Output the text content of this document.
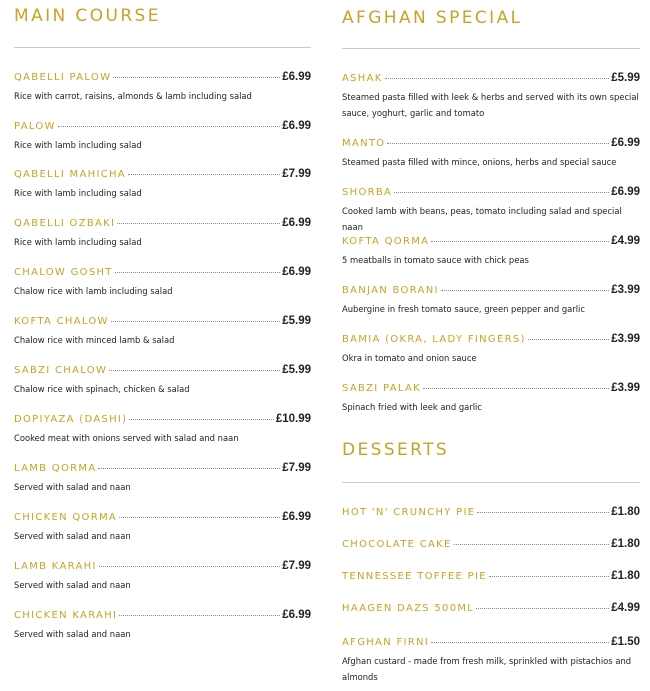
MAIN COURSE
QABELLI PALOW	£6.99
Rice with carrot, raisins, almonds & lamb including salad
PALOW	£6.99
Rice with lamb including salad
QABELLI MAHICHA	£7.99
Rice with lamb including salad
QABELLI OZBAKI	£6.99
Rice with lamb including salad
CHALOW GOSHT	£6.99
Chalow rice with lamb including salad
KOFTA CHALOW	£5.99
Chalow rice with minced lamb & salad
SABZI CHALOW	£5.99
Chalow rice with spinach, chicken & salad
DOPIYAZA (DASHI)	£10.99
Cooked meat with onions served with salad and naan
LAMB QORMA	£7.99
Served with salad and naan
CHICKEN QORMA	£6.99
Served with salad and naan
LAMB KARAHI	£7.99
Served with salad and naan
CHICKEN KARAHI	£6.99
Served with salad and naan
AFGHAN SPECIAL
ASHAK	£5.99
Steamed pasta filled with leek & herbs and served with its own special sauce, yoghurt, garlic and tomato
MANTO	£6.99
Steamed pasta filled with mince, onions, herbs and special sauce
SHORBA	£6.99
Cooked lamb with beans, peas, tomato including salad and special naan
KOFTA QORMA	£4.99
5 meatballs in tomato sauce with chick peas
BANJAN BORANI	£3.99
Aubergine in fresh tomato sauce, green pepper and garlic
BAMIA (OKRA, LADY FINGERS)	£3.99
Okra in tomato and onion sauce
SABZI PALAK	£3.99
Spinach fried with leek and garlic
DESSERTS
HOT 'N' CRUNCHY PIE	£1.80
CHOCOLATE CAKE	£1.80
TENNESSEE TOFFEE PIE	£1.80
HAAGEN DAZS 500ML	£4.99
AFGHAN FIRNI	£1.50
Afghan custard - made from fresh milk, sprinkled with pistachios and almonds
